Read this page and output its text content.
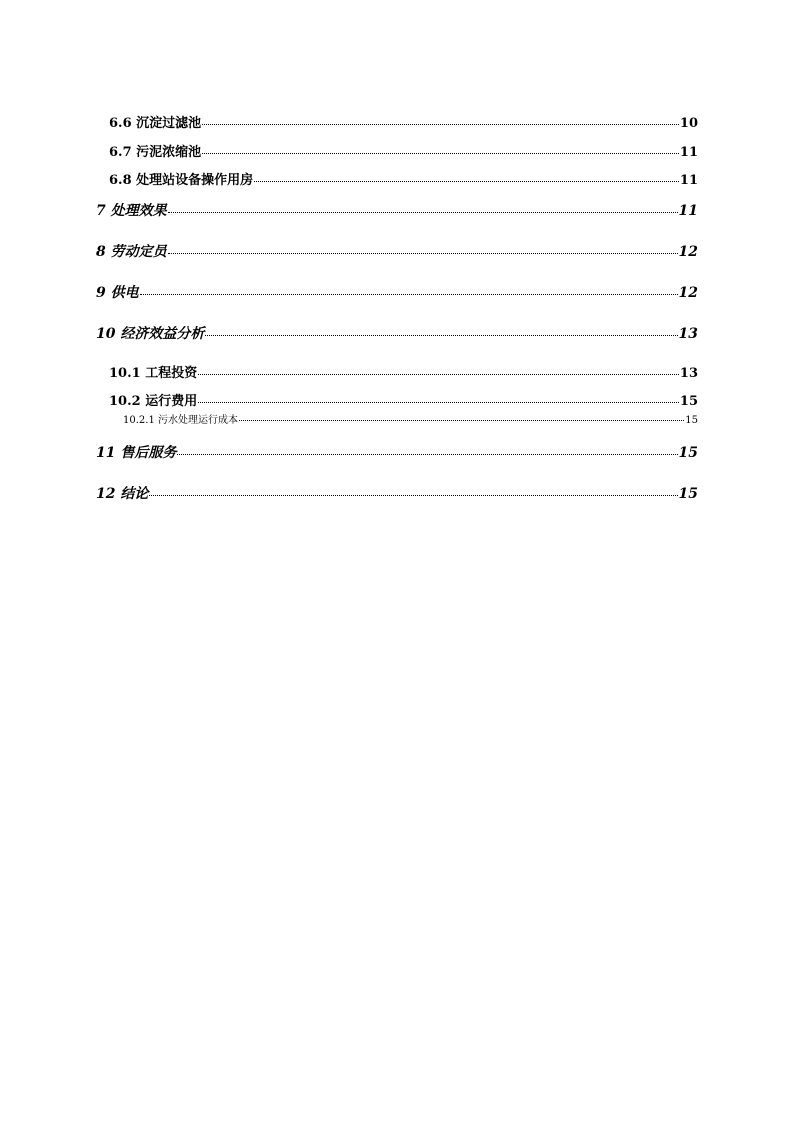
6.6 沉淀过滤池	10
6.7 污泥浓缩池	11
6.8 处理站设备操作用房	11
7 处理效果	11
8 劳动定员	12
9 供电	12
10 经济效益分析	13
10.1 工程投资	13
10.2 运行费用	15
10.2.1 污水处理运行成本	15
11 售后服务	15
12 结论	15
